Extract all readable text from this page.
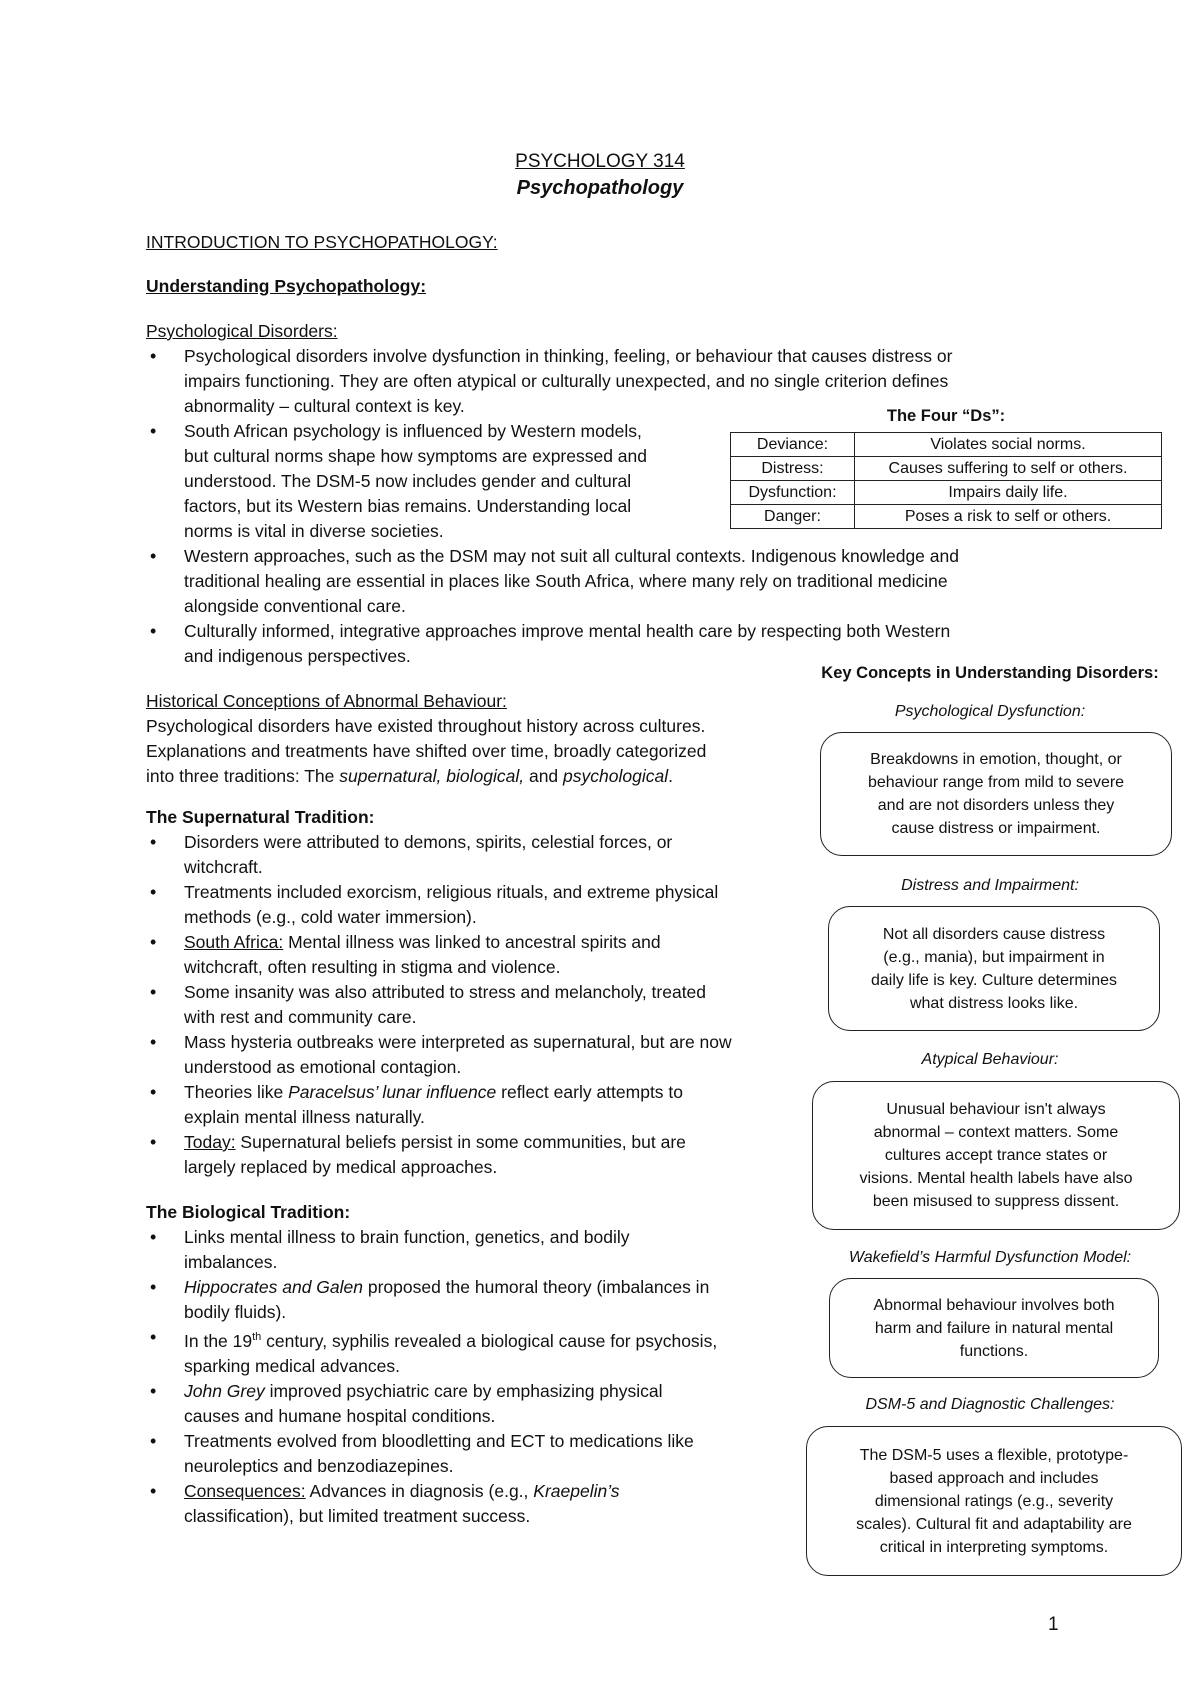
PSYCHOLOGY 314
Psychopathology
INTRODUCTION TO PSYCHOPATHOLOGY:
Understanding Psychopathology:
Psychological Disorders:
• Psychological disorders involve dysfunction in thinking, feeling, or behaviour that causes distress or
impairs functioning. They are often atypical or culturally unexpected, and no single criterion defines
abnormality – cultural context is key.
• South African psychology is influenced by Western models,
but cultural norms shape how symptoms are expressed and
understood. The DSM-5 now includes gender and cultural
factors, but its Western bias remains. Understanding local
norms is vital in diverse societies.
• Western approaches, such as the DSM may not suit all cultural contexts. Indigenous knowledge and
traditional healing are essential in places like South Africa, where many rely on traditional medicine
alongside conventional care.
• Culturally informed, integrative approaches improve mental health care by respecting both Western
and indigenous perspectives.
The Four “Ds”:
Deviance:	Violates social norms.
Distress:	Causes suffering to self or others.
Dysfunction:	Impairs daily life.
Danger:	Poses a risk to self or others.
Historical Conceptions of Abnormal Behaviour:
Psychological disorders have existed throughout history across cultures.
Explanations and treatments have shifted over time, broadly categorized
into three traditions: The supernatural, biological, and psychological.
The Supernatural Tradition:
• Disorders were attributed to demons, spirits, celestial forces, or
witchcraft.
• Treatments included exorcism, religious rituals, and extreme physical
methods (e.g., cold water immersion).
• South Africa: Mental illness was linked to ancestral spirits and
witchcraft, often resulting in stigma and violence.
• Some insanity was also attributed to stress and melancholy, treated
with rest and community care.
• Mass hysteria outbreaks were interpreted as supernatural, but are now
understood as emotional contagion.
• Theories like Paracelsus’ lunar influence reflect early attempts to
explain mental illness naturally.
• Today: Supernatural beliefs persist in some communities, but are
largely replaced by medical approaches.
The Biological Tradition:
• Links mental illness to brain function, genetics, and bodily
imbalances.
• Hippocrates and Galen proposed the humoral theory (imbalances in
bodily fluids).
• In the 19th century, syphilis revealed a biological cause for psychosis,
sparking medical advances.
• John Grey improved psychiatric care by emphasizing physical
causes and humane hospital conditions.
• Treatments evolved from bloodletting and ECT to medications like
neuroleptics and benzodiazepines.
• Consequences: Advances in diagnosis (e.g., Kraepelin’s
classification), but limited treatment success.
Key Concepts in Understanding Disorders:
Psychological Dysfunction:
Breakdowns in emotion, thought, or
behaviour range from mild to severe
and are not disorders unless they
cause distress or impairment.
Distress and Impairment:
Not all disorders cause distress
(e.g., mania), but impairment in
daily life is key. Culture determines
what distress looks like.
Atypical Behaviour:
Unusual behaviour isn't always
abnormal – context matters. Some
cultures accept trance states or
visions. Mental health labels have also
been misused to suppress dissent.
Wakefield’s Harmful Dysfunction Model:
Abnormal behaviour involves both
harm and failure in natural mental
functions.
DSM-5 and Diagnostic Challenges:
The DSM-5 uses a flexible, prototype-
based approach and includes
dimensional ratings (e.g., severity
scales). Cultural fit and adaptability are
critical in interpreting symptoms.
1
